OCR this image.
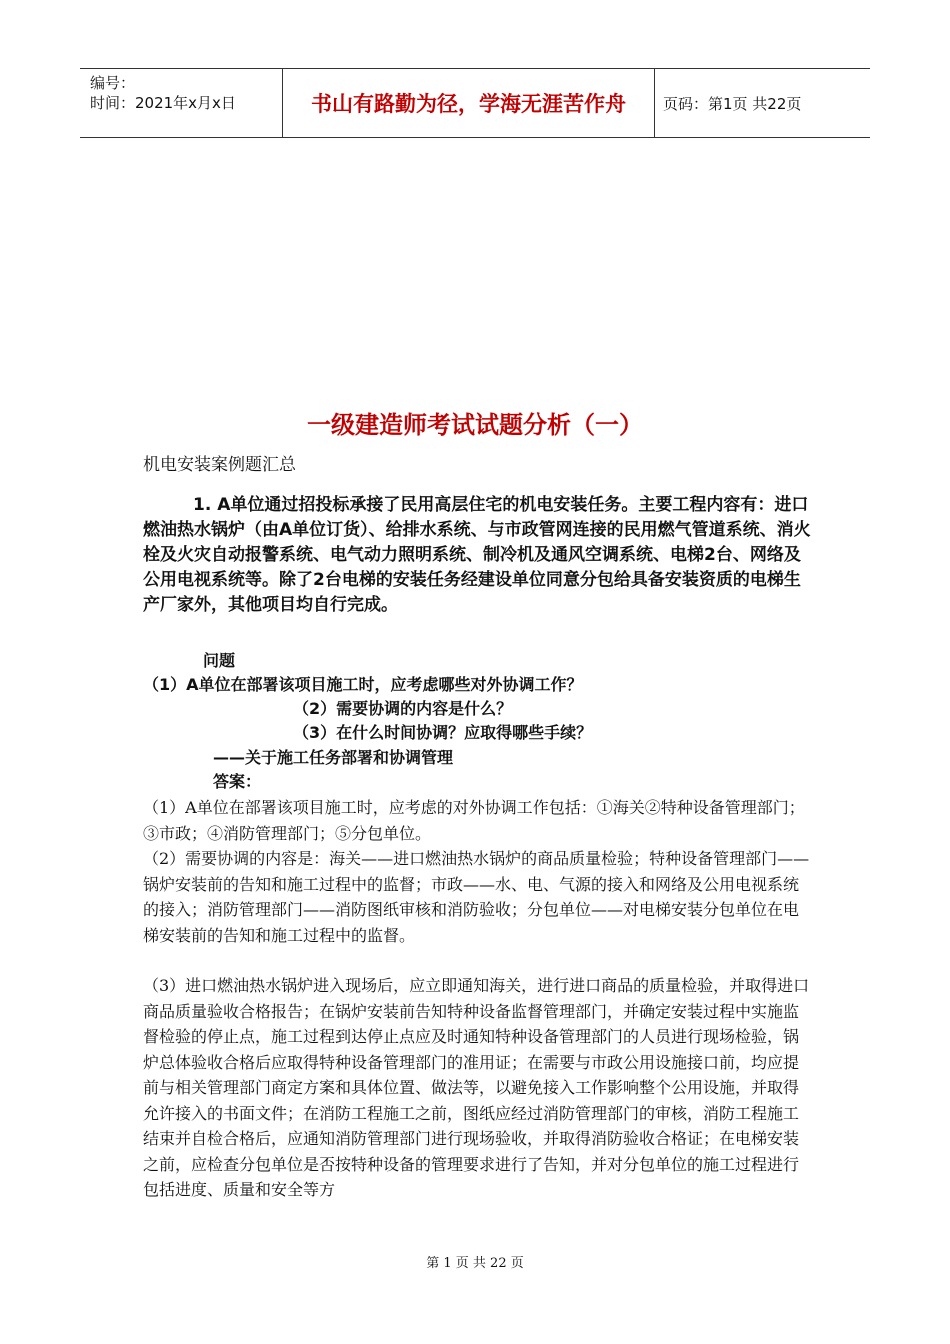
编号：
时间：2021年x月x日	书山有路勤为径，学海无涯苦作舟	页码：第1页 共22页
一级建造师考试试题分析（一）
机电安装案例题汇总

1. A单位通过招投标承接了民用高层住宅的机电安装任务。主要工程内容有：进口燃油热水锅炉（由A单位订货）、给排水系统、与市政管网连接的民用燃气管道系统、消火栓及火灾自动报警系统、电气动力照明系统、制冷机及通风空调系统、电梯2台、网络及公用电视系统等。除了2台电梯的安装任务经建设单位同意分包给具备安装资质的电梯生产厂家外，其他项目均自行完成。

问题
（1）A单位在部署该项目施工时，应考虑哪些对外协调工作？
（2）需要协调的内容是什么？
（3）在什么时间协调？应取得哪些手续？
——关于施工任务部署和协调管理
答案：

（1）A单位在部署该项目施工时，应考虑的对外协调工作包括：①海关②特种设备管理部门；③市政；④消防管理部门；⑤分包单位。

（2）需要协调的内容是：海关——进口燃油热水锅炉的商品质量检验；特种设备管理部门——锅炉安装前的告知和施工过程中的监督；市政——水、电、气源的接入和网络及公用电视系统的接入；消防管理部门——消防图纸审核和消防验收；分包单位——对电梯安装分包单位在电梯安装前的告知和施工过程中的监督。

（3）进口燃油热水锅炉进入现场后，应立即通知海关，进行进口商品的质量检验，并取得进口商品质量验收合格报告；在锅炉安装前告知特种设备监督管理部门，并确定安装过程中实施监督检验的停止点，施工过程到达停止点应及时通知特种设备管理部门的人员进行现场检验，锅炉总体验收合格后应取得特种设备管理部门的准用证；在需要与市政公用设施接口前，均应提前与相关管理部门商定方案和具体位置、做法等，以避免接入工作影响整个公用设施，并取得允许接入的书面文件；在消防工程施工之前，图纸应经过消防管理部门的审核，消防工程施工结束并自检合格后，应通知消防管理部门进行现场验收，并取得消防验收合格证；在电梯安装之前，应检查分包单位是否按特种设备的管理要求进行了告知，并对分包单位的施工过程进行包括进度、质量和安全等方

第 1 页 共 22 页
